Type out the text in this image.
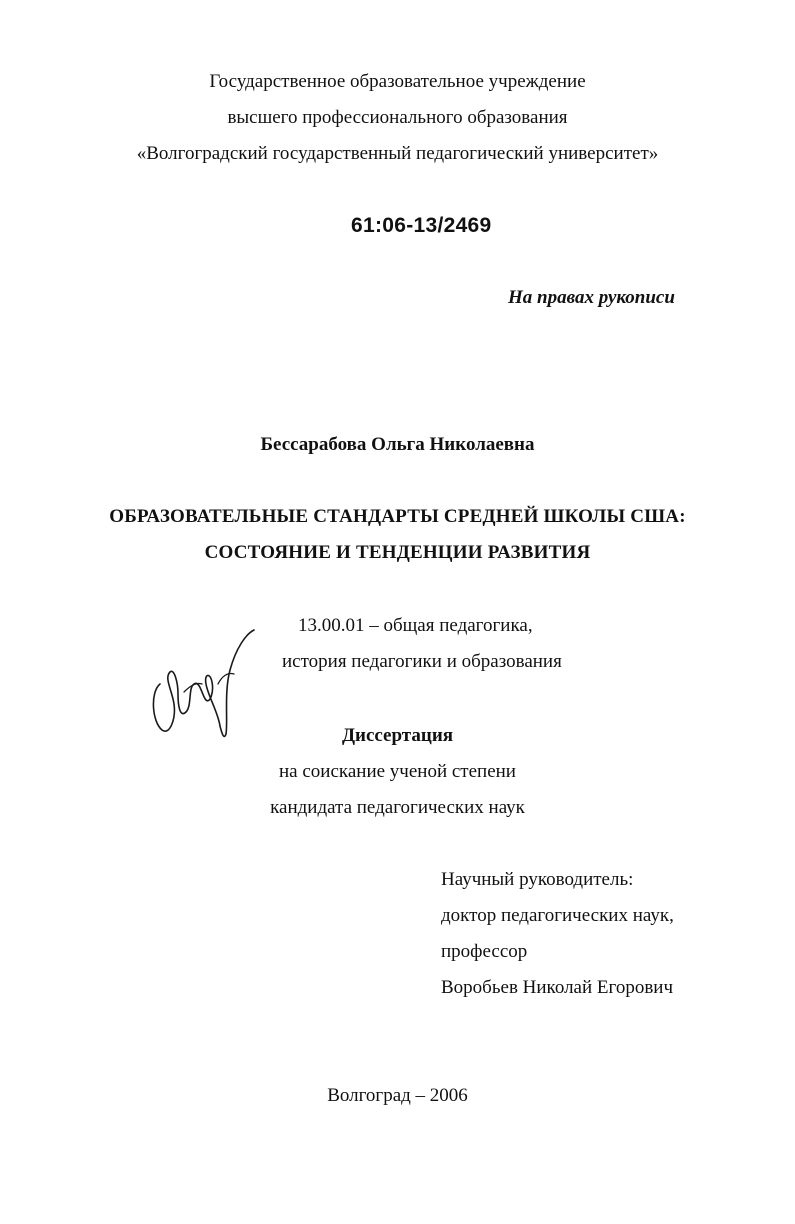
Государственное образовательное учреждение
высшего профессионального образования
«Волгоградский государственный педагогический университет»
61:06-13/2469
На правах рукописи
Бессарабова Ольга Николаевна
ОБРАЗОВАТЕЛЬНЫЕ СТАНДАРТЫ СРЕДНЕЙ ШКОЛЫ США:
СОСТОЯНИЕ И ТЕНДЕНЦИИ РАЗВИТИЯ
13.00.01 – общая педагогика,
история педагогики и образования
Диссертация
на соискание ученой степени
кандидата педагогических наук
Научный руководитель:
доктор педагогических наук,
профессор
Воробьев Николай Егорович
Волгоград – 2006
